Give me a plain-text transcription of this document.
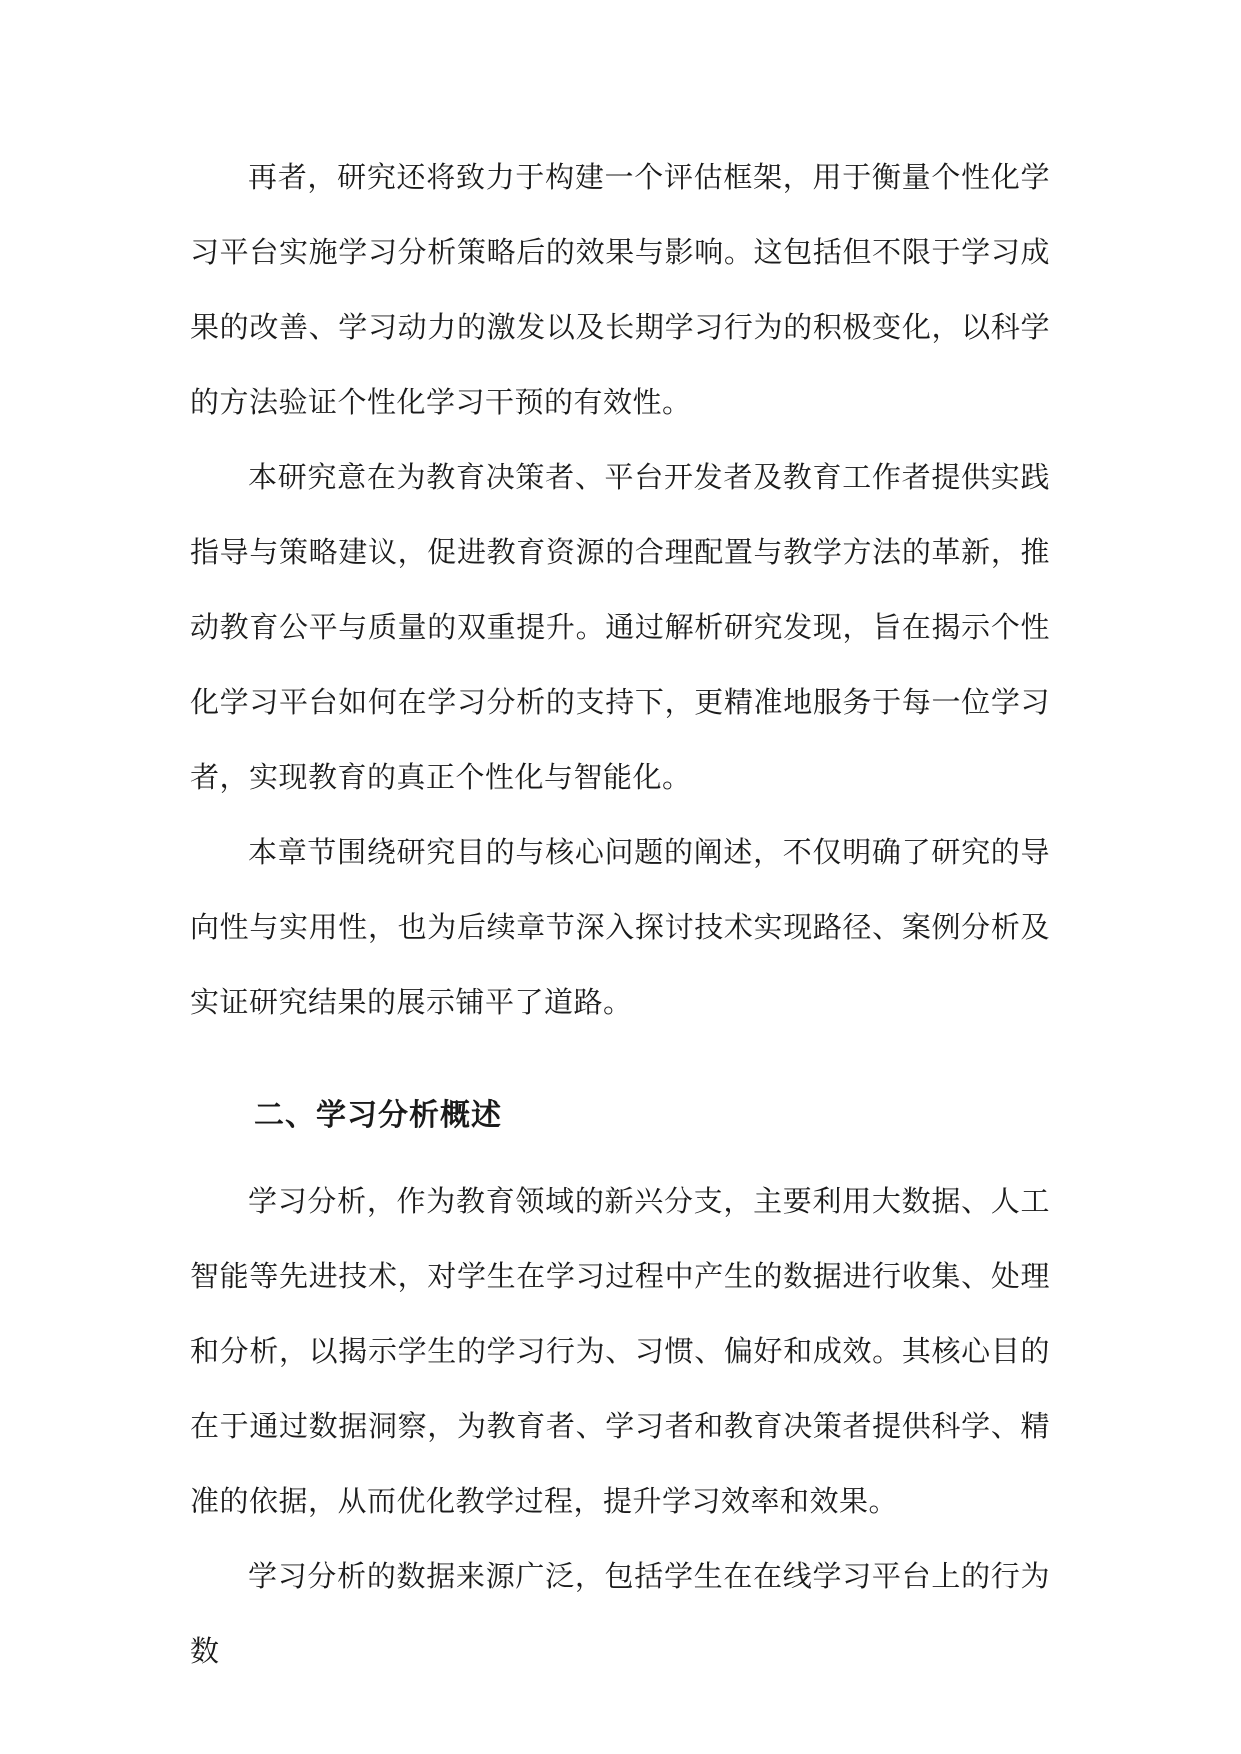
再者，研究还将致力于构建一个评估框架，用于衡量个性化学习平台实施学习分析策略后的效果与影响。这包括但不限于学习成果的改善、学习动力的激发以及长期学习行为的积极变化，以科学的方法验证个性化学习干预的有效性。

本研究意在为教育决策者、平台开发者及教育工作者提供实践指导与策略建议，促进教育资源的合理配置与教学方法的革新，推动教育公平与质量的双重提升。通过解析研究发现，旨在揭示个性化学习平台如何在学习分析的支持下，更精准地服务于每一位学习者，实现教育的真正个性化与智能化。

本章节围绕研究目的与核心问题的阐述，不仅明确了研究的导向性与实用性，也为后续章节深入探讨技术实现路径、案例分析及实证研究结果的展示铺平了道路。

二、学习分析概述

学习分析，作为教育领域的新兴分支，主要利用大数据、人工智能等先进技术，对学生在学习过程中产生的数据进行收集、处理和分析，以揭示学生的学习行为、习惯、偏好和成效。其核心目的在于通过数据洞察，为教育者、学习者和教育决策者提供科学、精准的依据，从而优化教学过程，提升学习效率和效果。

学习分析的数据来源广泛，包括学生在在线学习平台上的行为数
